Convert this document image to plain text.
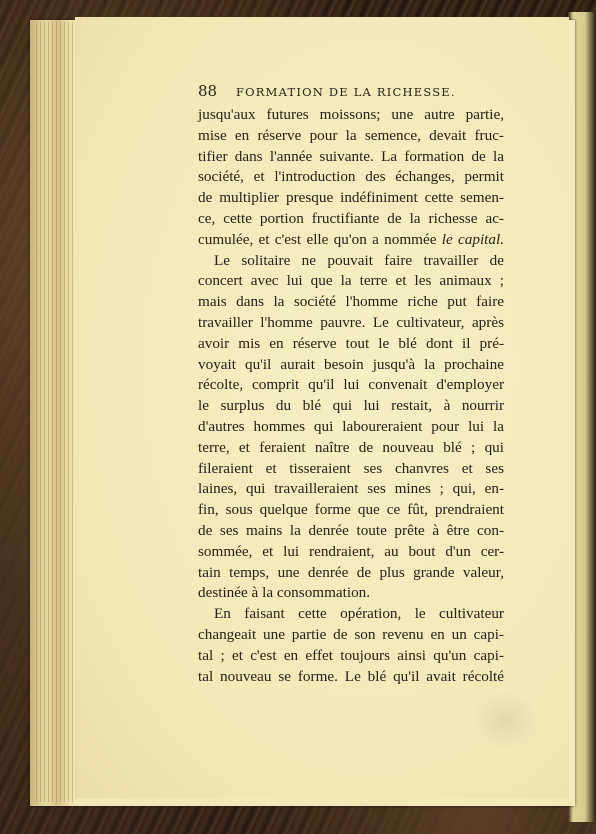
88 FORMATION DE LA RICHESSE.
jusqu'aux futures moissons; une autre partie,
mise en réserve pour la semence, devait fruc-
tifier dans l'année suivante. La formation de la
société, et l'introduction des échanges, permit
de multiplier presque indéfiniment cette semen-
ce, cette portion fructifiante de la richesse ac-
cumulée, et c'est elle qu'on a nommée le capital.
Le solitaire ne pouvait faire travailler de
concert avec lui que la terre et les animaux ;
mais dans la société l'homme riche put faire
travailler l'homme pauvre. Le cultivateur, après
avoir mis en réserve tout le blé dont il pré-
voyait qu'il aurait besoin jusqu'à la prochaine
récolte, comprit qu'il lui convenait d'employer
le surplus du blé qui lui restait, à nourrir
d'autres hommes qui laboureraient pour lui la
terre, et feraient naître de nouveau blé ; qui
fileraient et tisseraient ses chanvres et ses
laines, qui travailleraient ses mines ; qui, en-
fin, sous quelque forme que ce fût, prendraient
de ses mains la denrée toute prête à être con-
sommée, et lui rendraient, au bout d'un cer-
tain temps, une denrée de plus grande valeur,
destinée à la consommation.
En faisant cette opération, le cultivateur
changeait une partie de son revenu en un capi-
tal ; et c'est en effet toujours ainsi qu'un capi-
tal nouveau se forme. Le blé qu'il avait récolté
